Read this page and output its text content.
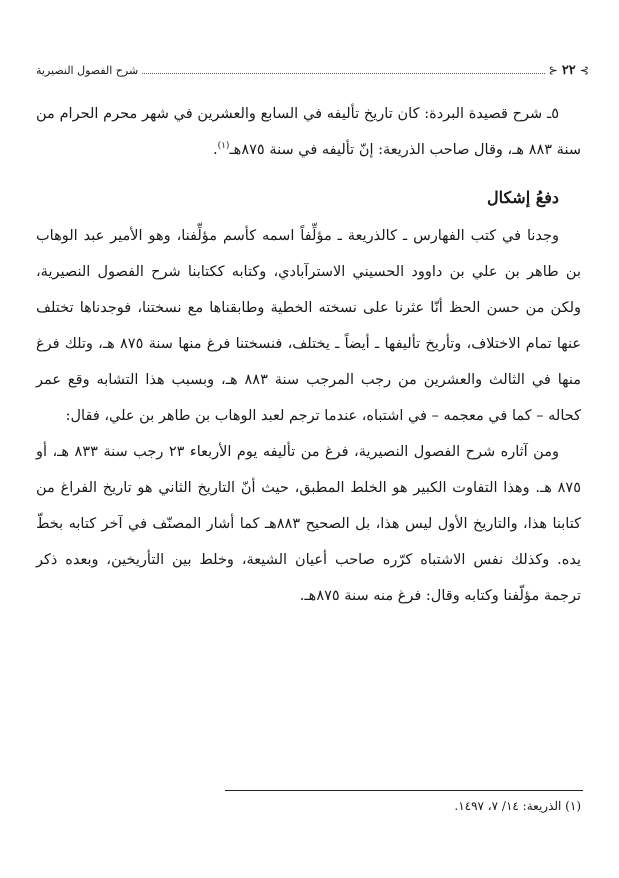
⊱
٢٢
⊰
شرح الفصول النصيرية

٥ـ شرح قصيدة البردة: كان تاريخ تأليفه في السابع والعشرين في شهر محرم الحرام من سنة ٨٨٣ هـ، وقال صاحب الذريعة: إنّ تأليفه في سنة ٨٧٥هـ$^{(١)}$.

دفعُ إشكال

وجدنا في كتب الفهارس ـ كالذريعة ـ مؤلِّفاً اسمه كأسم مؤلِّفنا، وهو الأمير عبد الوهاب بن طاهر بن علي بن داوود الحسيني الاسترآبادي، وكتابه ككتابنا شرح الفصول النصيرية، ولكن من حسن الحظ أنّا عثرنا على نسخته الخطية وطابقناها مع نسختنا، فوجدناها تختلف عنها تمام الاختلاف، وتأريخ تأليفها ـ أيضاً ـ يختلف، فنسختنا فرغ منها سنة ٨٧٥ هـ، وتلك فرغ منها في الثالث والعشرين من رجب المرجب سنة ٨٨٣ هـ، وبسبب هذا التشابه وقع عمر كحاله – كما في معجمه – في اشتباه، عندما ترجم لعبد الوهاب بن طاهر بن علي، فقال:

ومن آثاره شرح الفصول النصيرية، فرغ من تأليفه يوم الأربعاء ٢٣ رجب سنة ٨٣٣ هـ، أو ٨٧٥ هـ. وهذا التفاوت الكبير هو الخلط المطبق، حيث أنّ التاريخ الثاني هو تاريخ الفراغ من كتابنا هذا، والتاريخ الأول ليس هذا، بل الصحيح ٨٨٣هـ كما أشار المصنّف في آخر كتابه بخطّ يده. وكذلك نفس الاشتباه كرّره صاحب أعيان الشيعة، وخلط بين التأريخين، وبعده ذكر ترجمة مؤلّفنا وكتابه وقال: فرغ منه سنة ٨٧٥هـ.

(١) الذريعة: ١٤/ ٧، ١٤٩٧.
